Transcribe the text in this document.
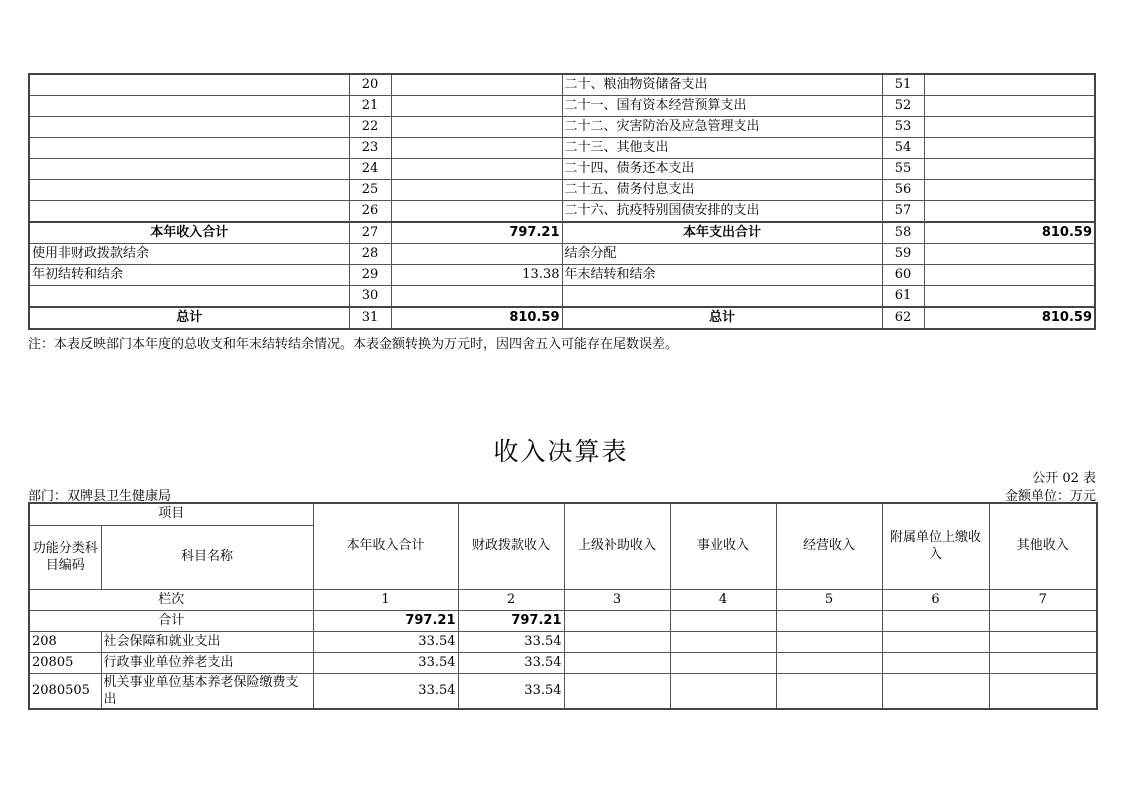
	20		二十、粮油物资储备支出	51	
	21		二十一、国有资本经营预算支出	52	
	22		二十二、灾害防治及应急管理支出	53	
	23		二十三、其他支出	54	
	24		二十四、债务还本支出	55	
	25		二十五、债务付息支出	56	
	26		二十六、抗疫特别国债安排的支出	57	
本年收入合计	27	797.21	本年支出合计	58	810.59
使用非财政拨款结余	28		结余分配	59	
年初结转和结余	29	13.38	年末结转和结余	60	
	30			61	
总计	31	810.59	总计	62	810.59
注：本表反映部门本年度的总收支和年末结转结余情况。本表金额转换为万元时，因四舍五入可能存在尾数误差。
收入决算表
公开 02 表
部门：双牌县卫生健康局	金额单位：万元
项目		本年收入合计	财政拨款收入	上级补助收入	事业收入	经营收入	附属单位上缴收入	其他收入
功能分类科目编码	科目名称							
栏次		1	2	3	4	5	6	7
合计		797.21	797.21					
208	社会保障和就业支出	33.54	33.54					
20805	行政事业单位养老支出	33.54	33.54					
2080505	机关事业单位基本养老保险缴费支出	33.54	33.54					
